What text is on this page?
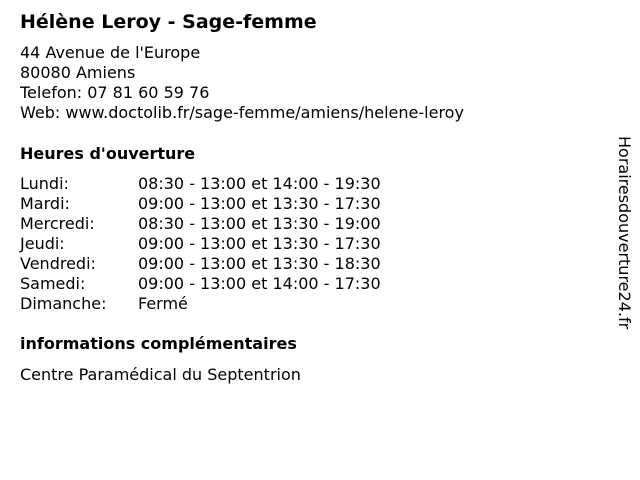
Hélène Leroy - Sage-femme
44 Avenue de l'Europe
80080 Amiens
Telefon: 07 81 60 59 76
Web: www.doctolib.fr/sage-femme/amiens/helene-leroy
Heures d'ouverture
Lundi:	08:30 - 13:00 et 14:00 - 19:30
Mardi:	09:00 - 13:00 et 13:30 - 17:30
Mercredi:	08:30 - 13:00 et 13:30 - 19:00
Jeudi:	09:00 - 13:00 et 13:30 - 17:30
Vendredi:	09:00 - 13:00 et 13:30 - 18:30
Samedi:	09:00 - 13:00 et 14:00 - 17:30
Dimanche: Fermé
informations complémentaires
Centre Paramédical du Septentrion
Horairesdouverture24.fr
